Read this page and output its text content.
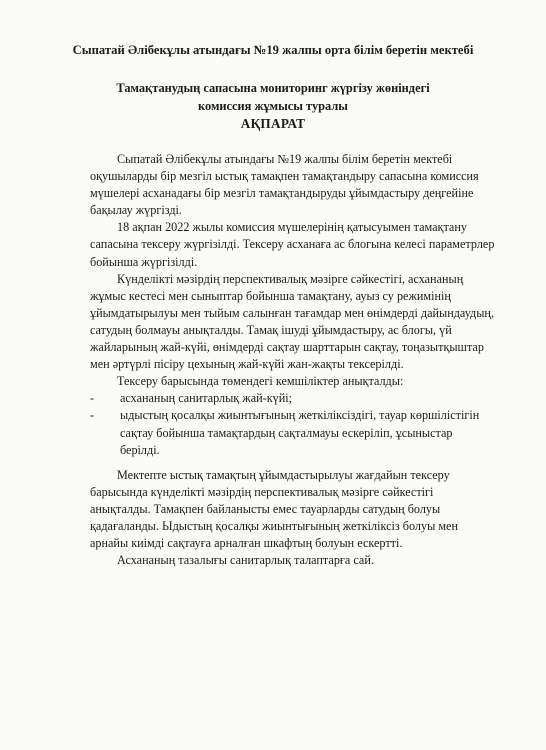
Сыпатай Әлібекұлы атындағы №19 жалпы орта білім беретін мектебі
Тамақтанудың сапасына мониторинг жүргізу жөніндегі
комиссия жұмысы туралы
АҚПАРАТ
Сыпатай Әлібекұлы атындағы №19 жалпы білім беретін мектебі
оқушыларды бір мезгіл ыстық тамақпен тамақтандыру сапасына комиссия
мүшелері асханадағы бір мезгіл тамақтандыруды ұйымдастыру деңгейіне
бақылау жүргізді.
18 ақпан 2022 жылы комиссия мүшелерінің қатысуымен тамақтану
сапасына тексеру жүргізілді. Тексеру асханаға ас блогына келесі параметрлер
бойынша жүргізілді.
Күнделікті мәзірдің перспективалық мәзірге сәйкестігі, асхананың
жұмыс кестесі мен сыныптар бойынша тамақтану, ауыз су режимінің
ұйымдатырылуы мен тыйым салынған тағамдар мен өнімдерді дайындаудың,
сатудың болмауы анықталды. Тамақ ішуді ұйымдастыру, ас блогы, үй
жайларының жай-күйі, өнімдерді сақтау шарттарын сақтау, тоңазытқыштар
мен әртүрлі пісіру цехының жай-күйі жан-жақты тексерілді.
Тексеру барысында төмендегі кемшіліктер анықталды:
- асхананың санитарлық жай-күйі;
- ыдыстың қосалқы жиынтығының жеткіліксіздігі, тауар көршілістігін
сақтау бойынша тамақтардың сақталмауы ескеріліп, ұсыныстар
берілді.
Мектепте ыстық тамақтың ұйымдастырылуы жағдайын тексеру
барысында күнделікті мәзірдің перспективалық мәзірге сәйкестігі
анықталды. Тамақпен байланысты емес тауарларды сатудың болуы
қадағаланды. Ыдыстың қосалқы жиынтығының жеткіліксіз болуы мен
арнайы киімді сақтауға арналған шкафтың болуын ескертті.
Асхананың тазалығы санитарлық талаптарға сай.
